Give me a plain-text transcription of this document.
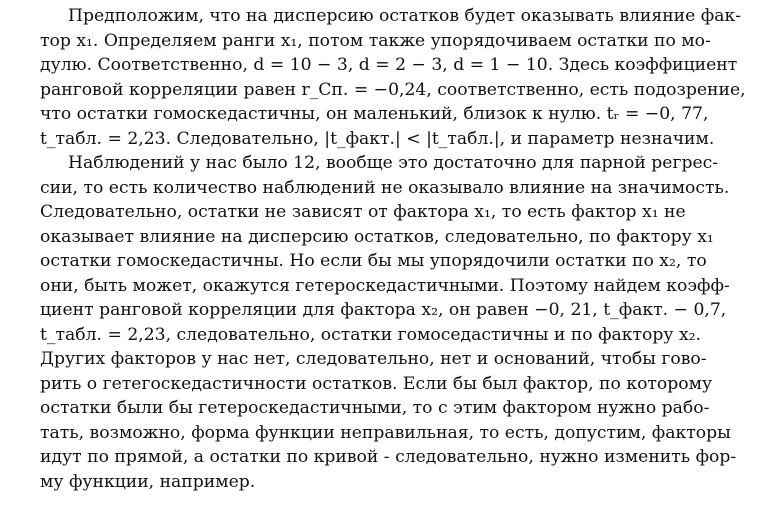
Предположим, что на дисперсию остатков будет оказывать влияние фак-
тор x₁. Определяем ранги x₁, потом также упорядочиваем остатки по мо-
дулю. Соответственно, d = 10 − 3, d = 2 − 3, d = 1 − 10. Здесь коэффициент
ранговой корреляции равен r_Cп. = −0,24, соответственно, есть подозрение,
что остатки гомоскедастичны, он маленький, близок к нулю. tᵣ = −0, 77,
t_табл. = 2,23. Следовательно, |t_факт.| < |t_табл.|, и параметр незначим.
Наблюдений у нас было 12, вообще это достаточно для парной регрес-
сии, то есть количество наблюдений не оказывало влияние на значимость.
Следовательно, остатки не зависят от фактора x₁, то есть фактор x₁ не
оказывает влияние на дисперсию остатков, следовательно, по фактору x₁
остатки гомоскедастичны. Но если бы мы упорядочили остатки по x₂, то
они, быть может, окажутся гетероскедастичными. Поэтому найдем коэфф-
циент ранговой корреляции для фактора x₂, он равен −0, 21, t_факт. − 0,7,
t_табл. = 2,23, следовательно, остатки гомоседастичны и по фактору x₂.
Других факторов у нас нет, следовательно, нет и оснований, чтобы гово-
рить о гетегоскедастичности остатков. Если бы был фактор, по которому
остатки были бы гетероскедастичными, то с этим фактором нужно рабо-
тать, возможно, форма функции неправильная, то есть, допустим, факторы
идут по прямой, а остатки по кривой - следовательно, нужно изменить фор-
му функции, например.
